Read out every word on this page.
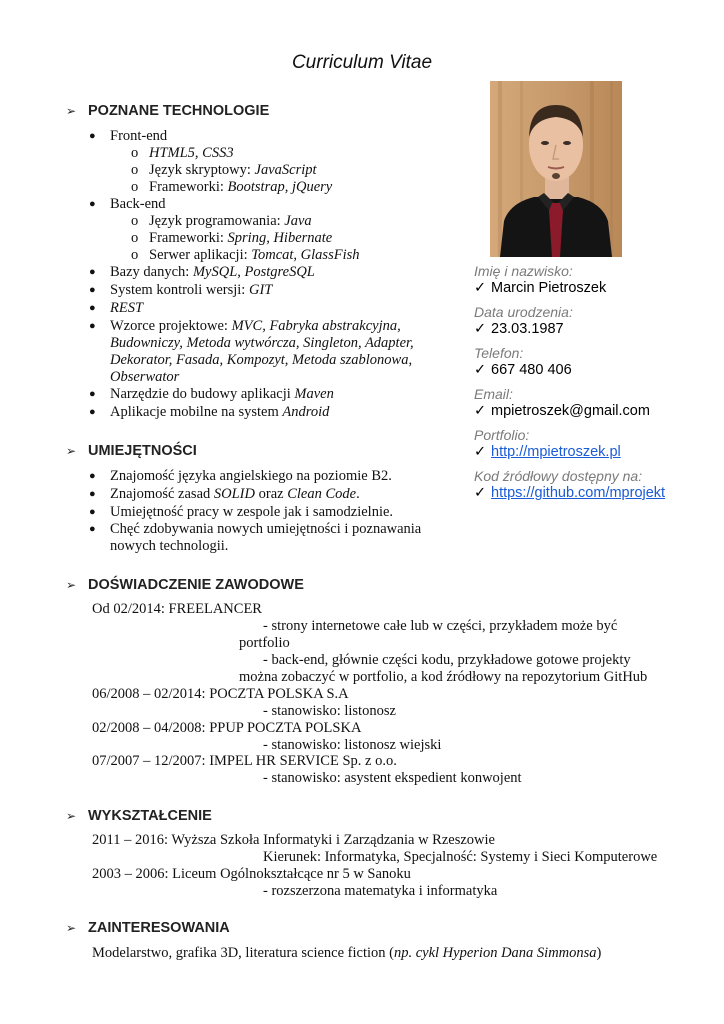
Curriculum Vitae
➢ POZNANE TECHNOLOGIE
● Front-end
o HTML5, CSS3
o Język skryptowy: JavaScript
o Frameworki: Bootstrap, jQuery
● Back-end
o Język programowania: Java
o Frameworki: Spring, Hibernate
o Serwer aplikacji: Tomcat, GlassFish
● Bazy danych: MySQL, PostgreSQL
● System kontroli wersji: GIT
● REST
● Wzorce projektowe: MVC, Fabryka abstrakcyjna,
Budowniczy, Metoda wytwórcza, Singleton, Adapter,
Dekorator, Fasada, Kompozyt, Metoda szablonowa,
Obserwator
● Narzędzie do budowy aplikacji Maven
● Aplikacje mobilne na system Android
Imię i nazwisko:
✓ Marcin Pietroszek
Data urodzenia:
✓ 23.03.1987
Telefon:
✓ 667 480 406
Email:
✓ mpietroszek@gmail.com
Portfolio:
✓ http://mpietroszek.pl
Kod źródłowy dostępny na:
✓ https://github.com/mprojekt
➢ UMIEJĘTNOŚCI
● Znajomość języka angielskiego na poziomie B2.
● Znajomość zasad SOLID oraz Clean Code.
● Umiejętność pracy w zespole jak i samodzielnie.
● Chęć zdobywania nowych umiejętności i poznawania
nowych technologii.
➢ DOŚWIADCZENIE ZAWODOWE
Od 02/2014: FREELANCER
- strony internetowe całe lub w części, przykładem może być
portfolio
- back-end, głównie części kodu, przykładowe gotowe projekty
można zobaczyć w portfolio, a kod źródłowy na repozytorium GitHub
06/2008 – 02/2014: POCZTA POLSKA S.A
- stanowisko: listonosz
02/2008 – 04/2008: PPUP POCZTA POLSKA
- stanowisko: listonosz wiejski
07/2007 – 12/2007: IMPEL HR SERVICE Sp. z o.o.
- stanowisko: asystent ekspedient konwojent
➢ WYKSZTAŁCENIE
2011 – 2016: Wyższa Szkoła Informatyki i Zarządzania w Rzeszowie
Kierunek: Informatyka, Specjalność: Systemy i Sieci Komputerowe
2003 – 2006: Liceum Ogólnokształcące nr 5 w Sanoku
- rozszerzona matematyka i informatyka
➢ ZAINTERESOWANIA
Modelarstwo, grafika 3D, literatura science fiction (np. cykl Hyperion Dana Simmonsa)
